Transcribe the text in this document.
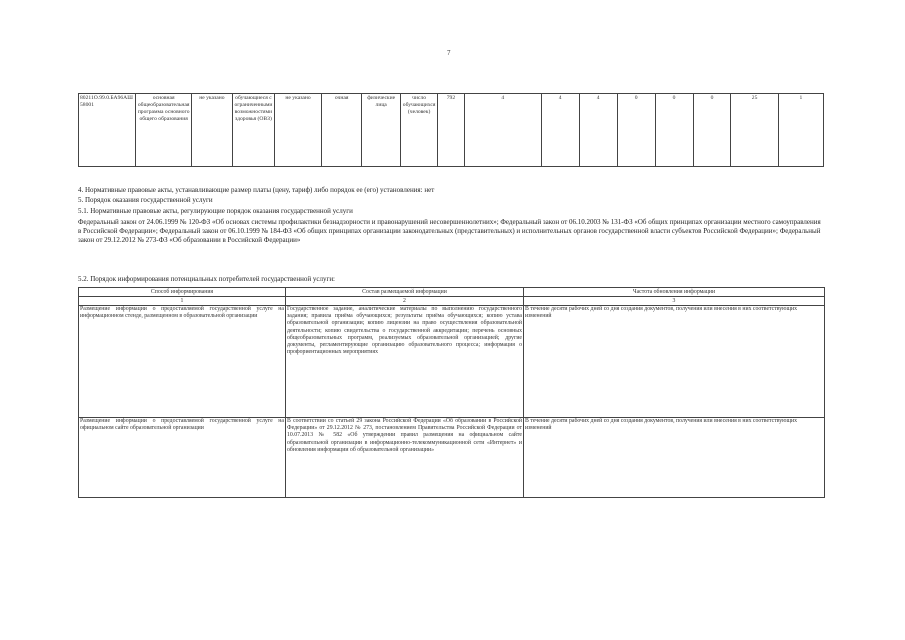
7
80211О.99.0.БА96АШ58001	основная общеобразовательная программа основного общего образования	не указано	обучающиеся с ограниченными возможностями здоровья (ОВЗ)	не указано	очная	физические лица	число обучающихся (человек)	792	4	4	4	0	0	0	25	1
4. Нормативные правовые акты, устанавливающие размер платы (цену, тариф) либо порядок ее (его) установления: нет
5. Порядок оказания государственной услуги
5.1. Нормативные правовые акты, регулирующие порядок оказания государственной услуги
Федеральный закон от 24.06.1999 № 120-ФЗ «Об основах системы профилактики безнадзорности и правонарушений несовершеннолетних»; Федеральный закон от 06.10.2003 № 131-ФЗ «Об общих принципах организации местного самоуправления в Российской Федерации»; Федеральный закон от 06.10.1999 № 184-ФЗ «Об общих принципах организации законодательных (представительных) и исполнительных органов государственной власти субъектов Российской Федерации»; Федеральный закон от 29.12.2012 № 273-ФЗ «Об образовании в Российской Федерации»
5.2. Порядок информирования потенциальных потребителей государственной услуги:
Способ информирования	Состав размещаемой информации	Частота обновления информации
1	2	3
Размещение информации о предоставляемой государственной услуге на информационном стенде, размещенном в образовательной организации	Государственное задание, аналитические материалы по выполнению государственного задания; правила приёма обучающихся; результаты приёма обучающихся; копию устава образовательной организации; копию лицензии на право осуществления образовательной деятельности; копию свидетельства о государственной аккредитации; перечень основных общеобразовательных программ, реализуемых образовательной организацией; другие документы, регламентирующие организацию образовательного процесса; информация о профориентационных мероприятиях	В течение десяти рабочих дней со дня создания документов, получения или внесения в них соответствующих изменений
Размещение информации о предоставляемой государственной услуге на официальном сайте образовательной организации	В соответствии со статьей 29 закона Российской Федерации «Об образовании в Российской Федерации» от 29.12.2012 № 273, постановлением Правительства Российской Федерации от 10.07.2013 № 582 «Об утверждении правил размещения на официальном сайте образовательной организации в информационно-телекоммуникационной сети «Интернет» и обновления информации об образовательной организации»	В течение десяти рабочих дней со дня создания документов, получения или внесения в них соответствующих изменений
